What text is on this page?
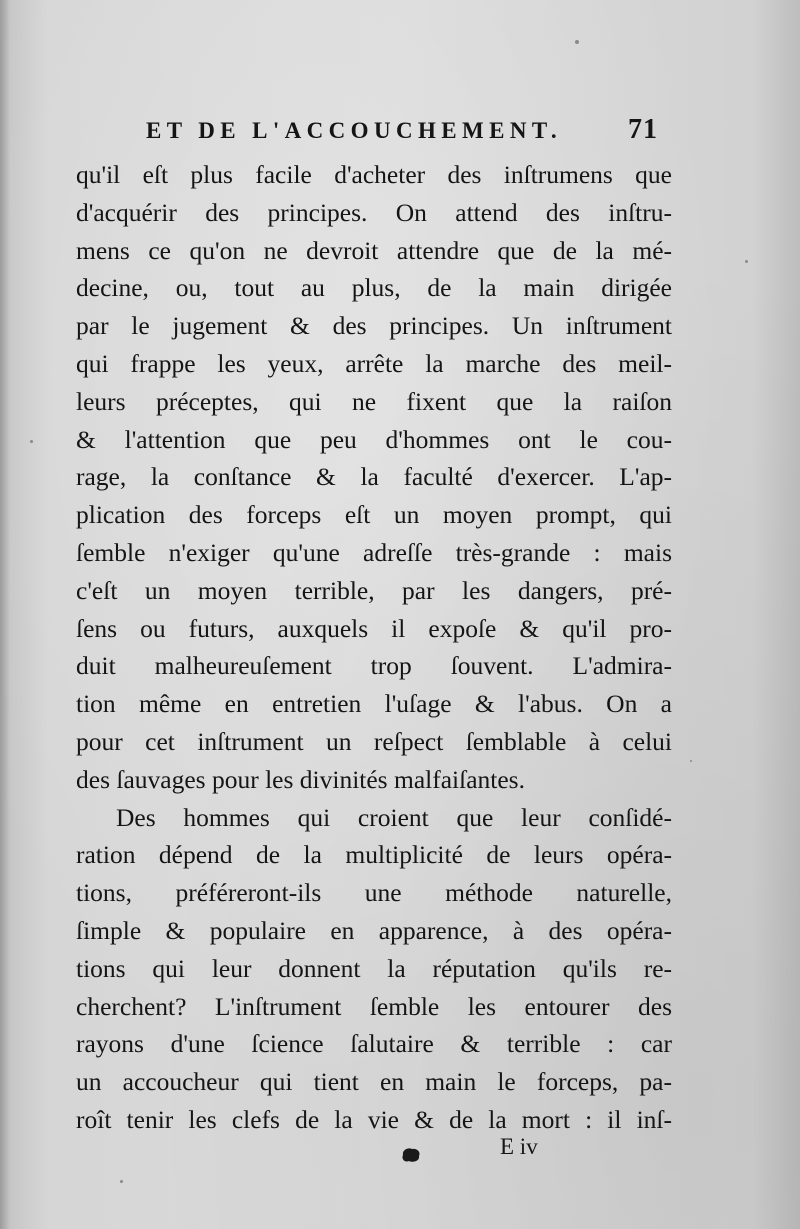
ET DE L'ACCOUCHEMENT.	71
qu'il eſt plus facile d'acheter des inſtrumens que
d'acquérir des principes. On attend des inſtru-
mens ce qu'on ne devroit attendre que de la mé-
decine, ou, tout au plus, de la main dirigée
par le jugement & des principes. Un inſtrument
qui frappe les yeux, arrête la marche des meil-
leurs préceptes, qui ne fixent que la raiſon
& l'attention que peu d'hommes ont le cou-
rage, la conſtance & la faculté d'exercer. L'ap-
plication des forceps eſt un moyen prompt, qui
ſemble n'exiger qu'une adreſſe très-grande : mais
c'eſt un moyen terrible, par les dangers, pré-
ſens ou futurs, auxquels il expoſe & qu'il pro-
duit malheureuſement trop ſouvent. L'admira-
tion même en entretien l'uſage & l'abus. On a
pour cet inſtrument un reſpect ſemblable à celui
des ſauvages pour les divinités malfaiſantes.
Des hommes qui croient que leur conſidé-
ration dépend de la multiplicité de leurs opéra-
tions, préféreront-ils une méthode naturelle,
ſimple & populaire en apparence, à des opéra-
tions qui leur donnent la réputation qu'ils re-
cherchent? L'inſtrument ſemble les entourer des
rayons d'une ſcience ſalutaire & terrible : car
un accoucheur qui tient en main le forceps, pa-
roît tenir les clefs de la vie & de la mort : il inſ-
E iv
